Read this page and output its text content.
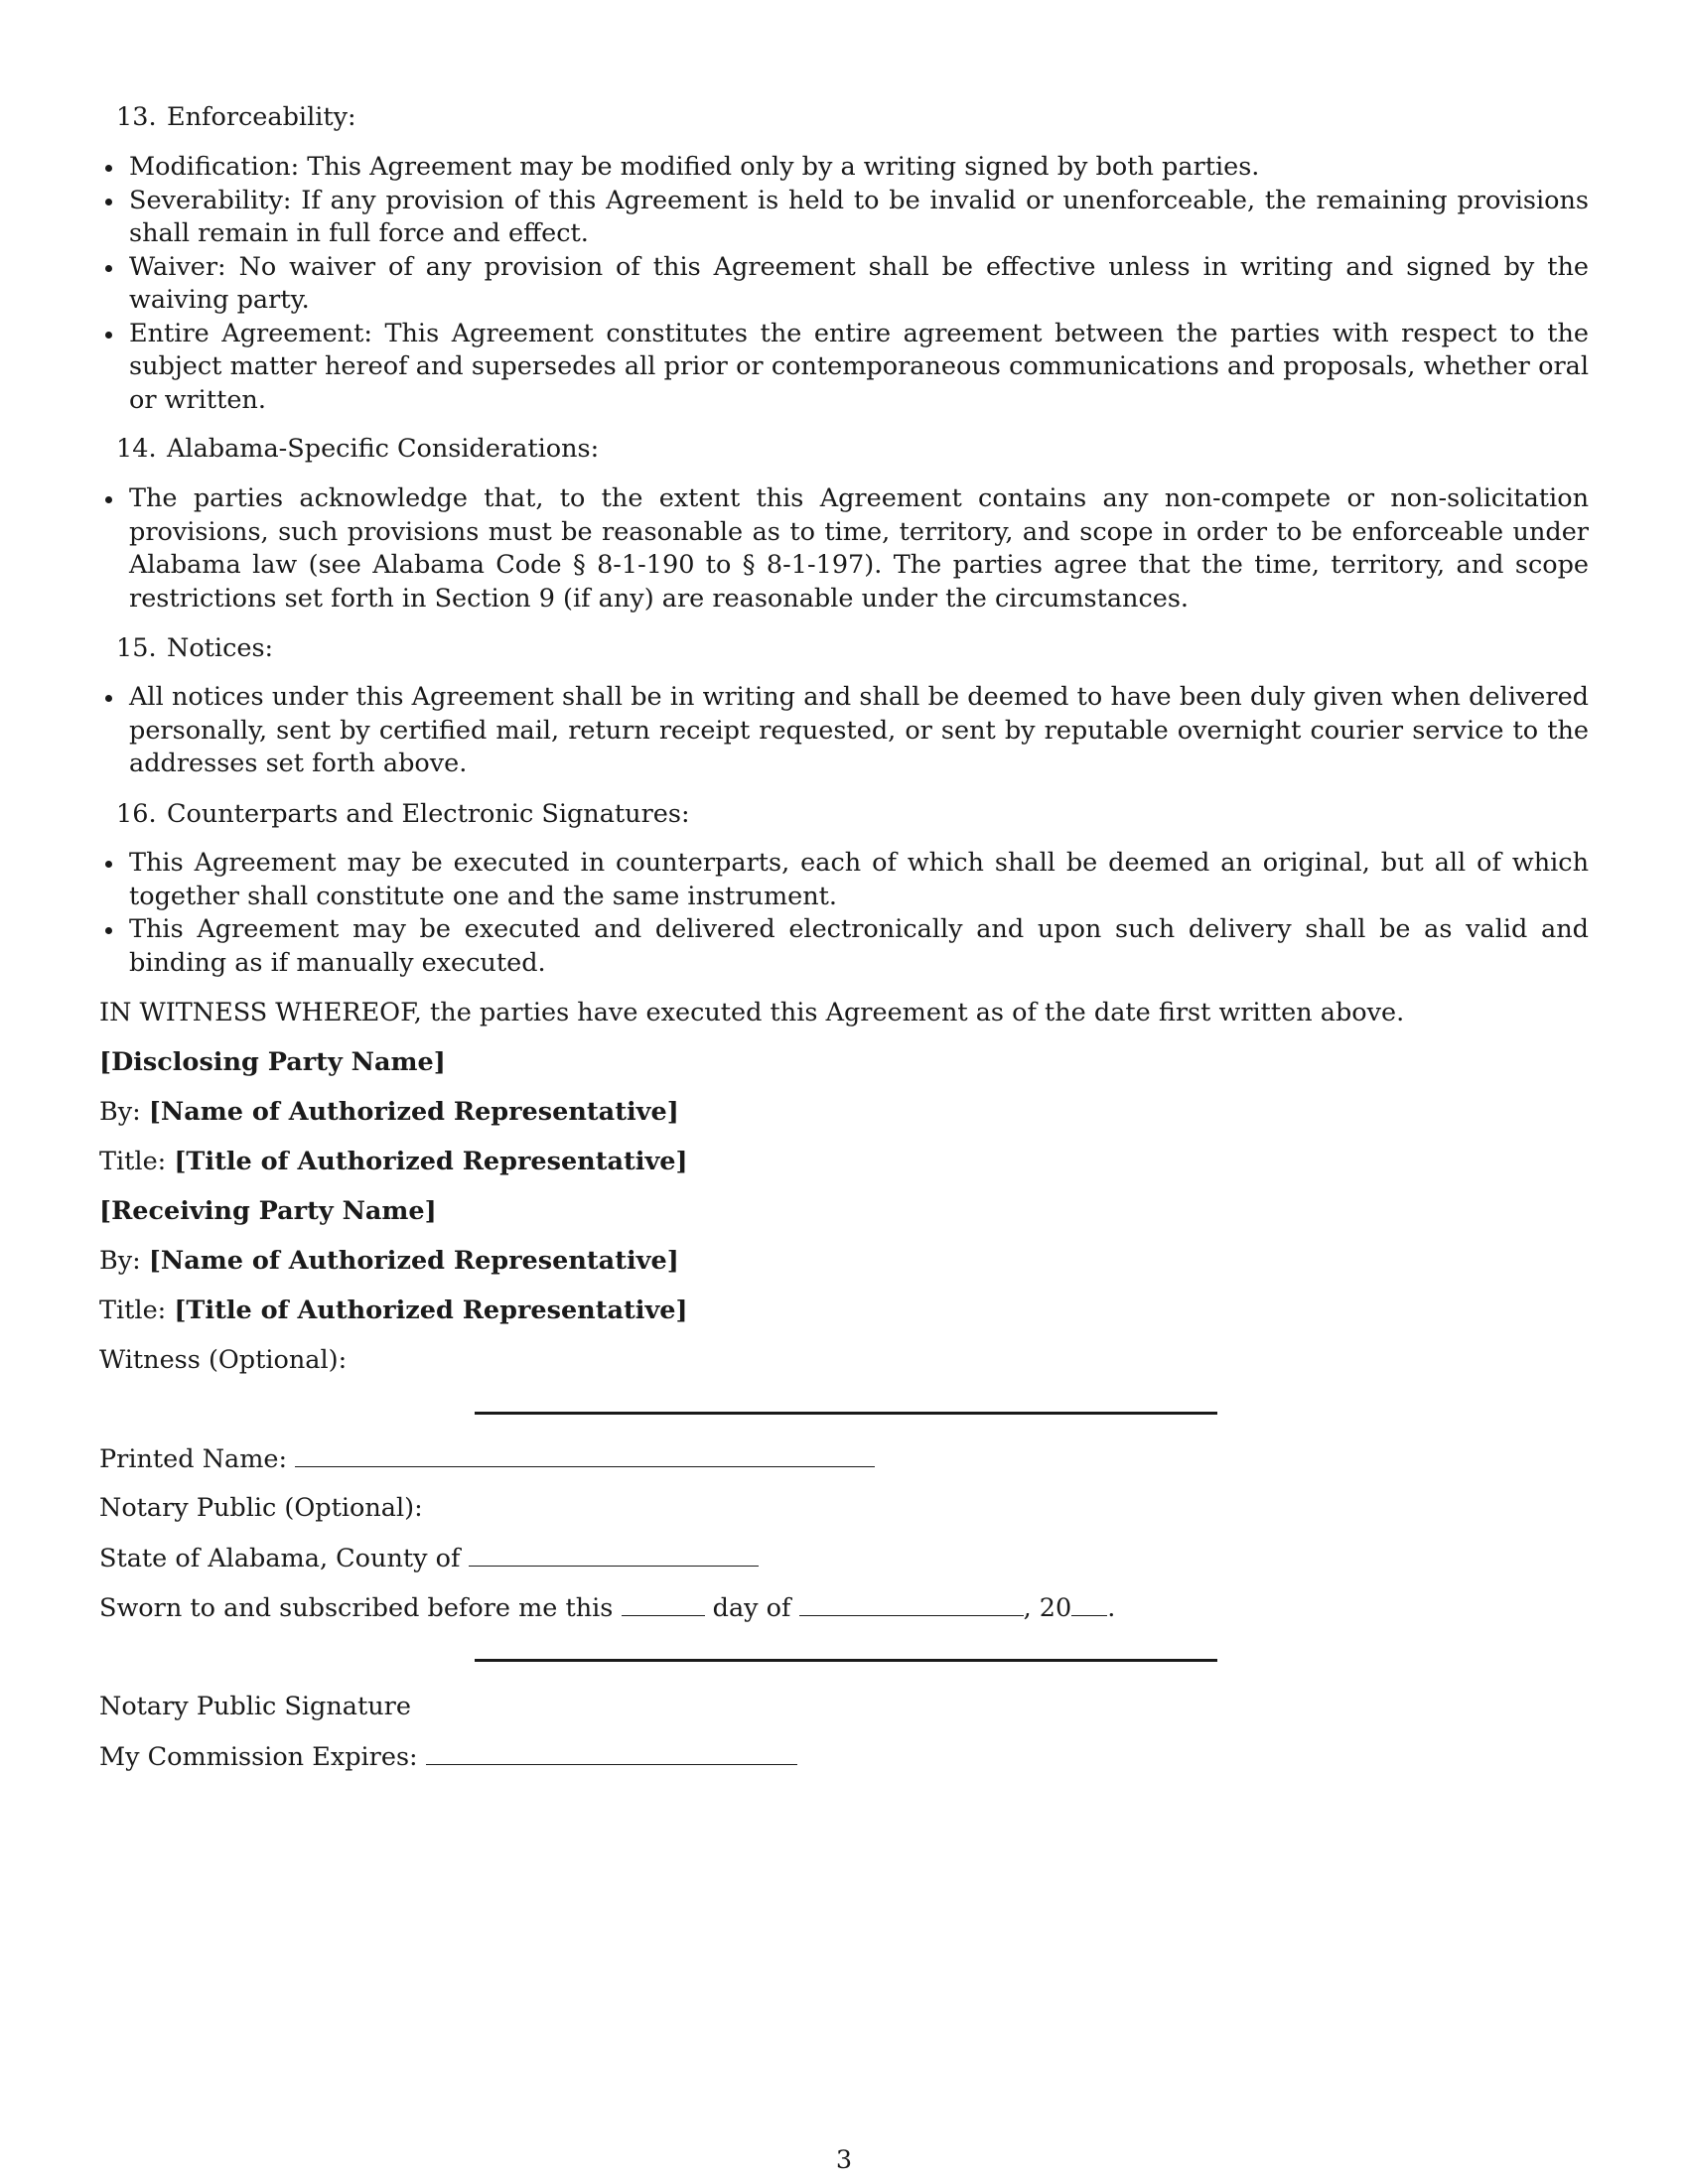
13. Enforceability:
Modification: This Agreement may be modified only by a writing signed by both parties.
Severability: If any provision of this Agreement is held to be invalid or unenforceable, the remaining provisions shall remain in full force and effect.
Waiver: No waiver of any provision of this Agreement shall be effective unless in writing and signed by the waiving party.
Entire Agreement: This Agreement constitutes the entire agreement between the parties with respect to the subject matter hereof and supersedes all prior or contemporaneous communications and proposals, whether oral or written.
14. Alabama-Specific Considerations:
The parties acknowledge that, to the extent this Agreement contains any non-compete or non-solicitation provisions, such provisions must be reasonable as to time, territory, and scope in order to be enforceable under Alabama law (see Alabama Code § 8-1-190 to § 8-1-197). The parties agree that the time, territory, and scope restrictions set forth in Section 9 (if any) are reasonable under the circumstances.
15. Notices:
All notices under this Agreement shall be in writing and shall be deemed to have been duly given when delivered personally, sent by certified mail, return receipt requested, or sent by reputable overnight courier service to the addresses set forth above.
16. Counterparts and Electronic Signatures:
This Agreement may be executed in counterparts, each of which shall be deemed an original, but all of which together shall constitute one and the same instrument.
This Agreement may be executed and delivered electronically and upon such delivery shall be as valid and binding as if manually executed.
IN WITNESS WHEREOF, the parties have executed this Agreement as of the date first written above.
[Disclosing Party Name]
By: [Name of Authorized Representative]
Title: [Title of Authorized Representative]
[Receiving Party Name]
By: [Name of Authorized Representative]
Title: [Title of Authorized Representative]
Witness (Optional):
Printed Name:
Notary Public (Optional):
State of Alabama, County of
Sworn to and subscribed before me this	day of	, 20 .
Notary Public Signature
My Commission Expires:
3
